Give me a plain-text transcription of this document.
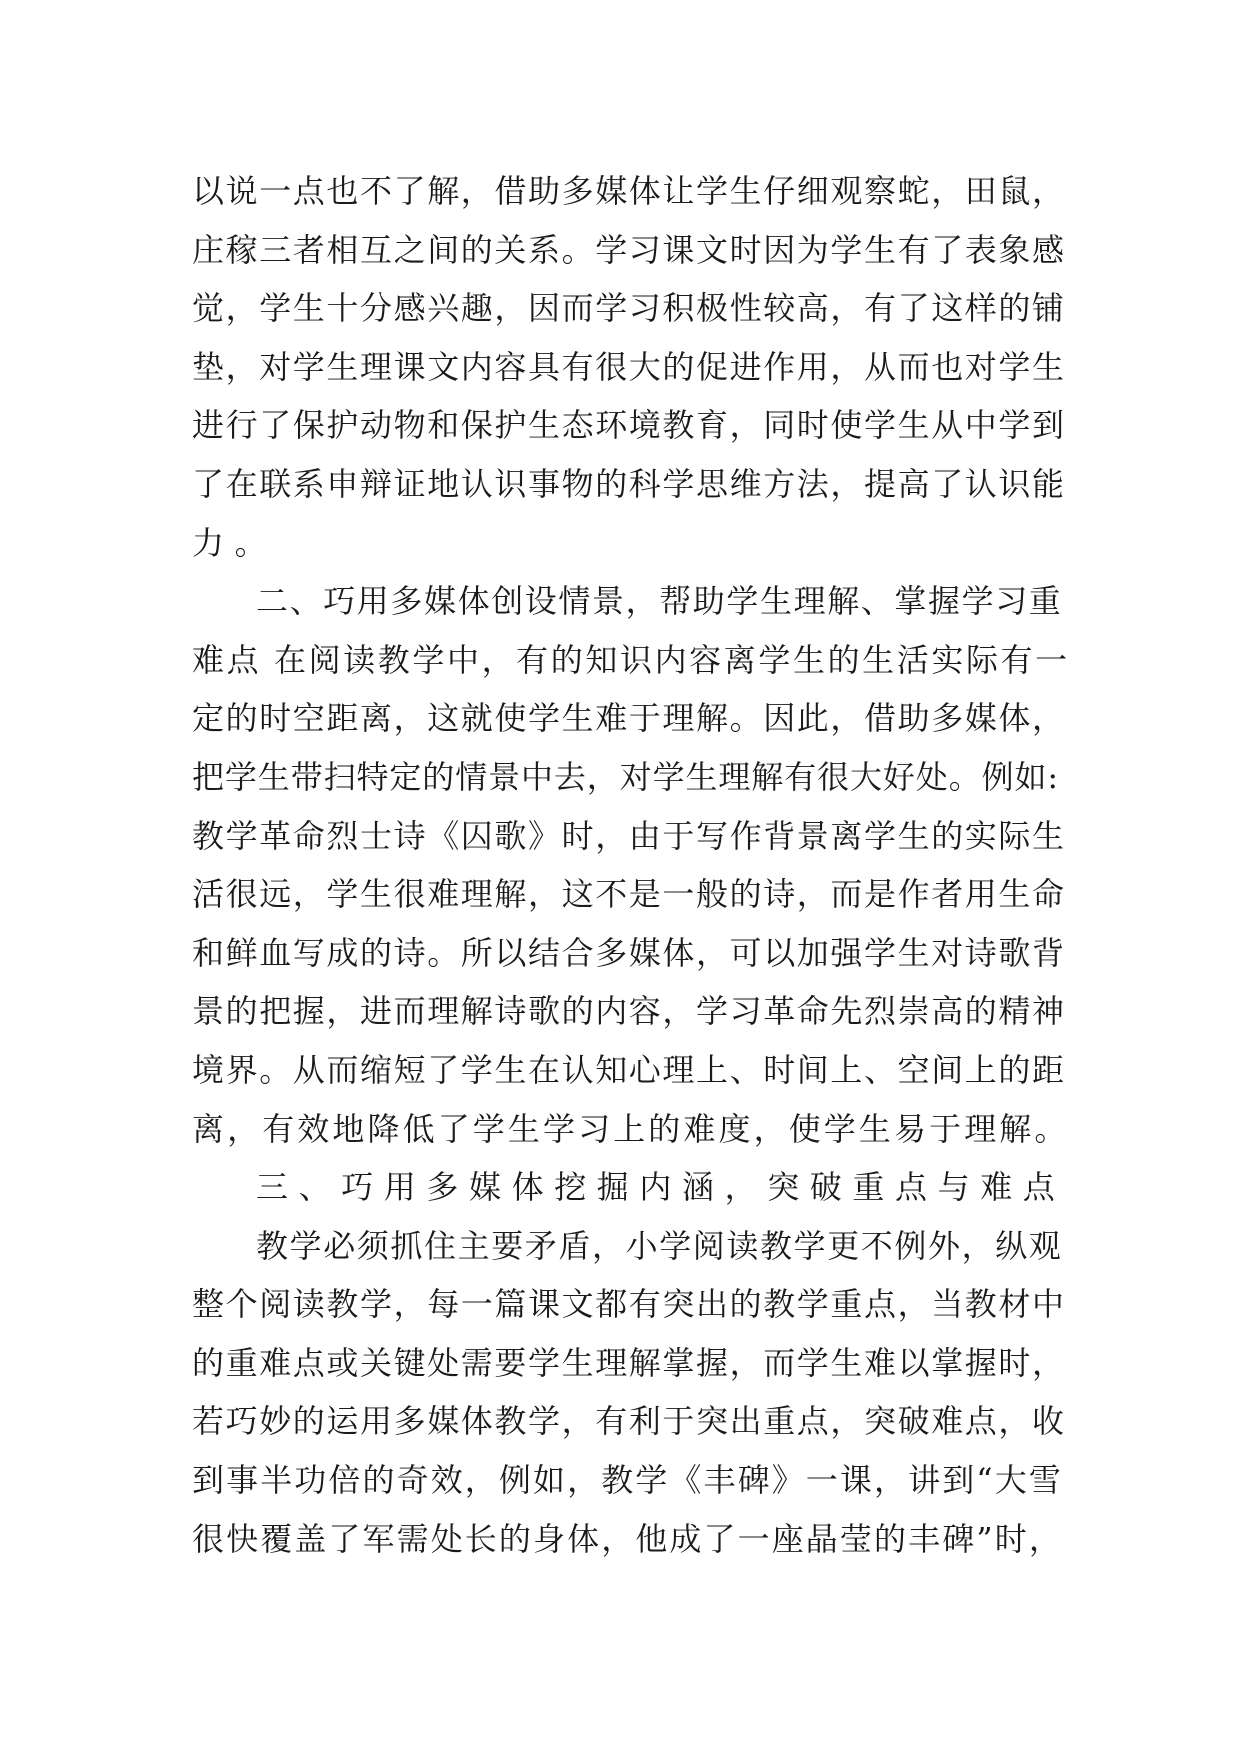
以说一点也不了解，借助多媒体让学生仔细观察蛇，田鼠，
庄稼三者相互之间的关系。学习课文时因为学生有了表象感
觉，学生十分感兴趣，因而学习积极性较高，有了这样的铺
垫，对学生理课文内容具有很大的促进作用，从而也对学生
进行了保护动物和保护生态环境教育，同时使学生从中学到
了在联系申辩证地认识事物的科学思维方法，提高了认识能
力。
二、巧用多媒体创设情景，帮助学生理解、掌握学习重
难点 在阅读教学中，有的知识内容离学生的生活实际有一
定的时空距离，这就使学生难于理解。因此，借助多媒体，
把学生带扫特定的情景中去，对学生理解有很大好处。例如:
教学革命烈士诗《囚歌》时，由于写作背景离学生的实际生
活很远，学生很难理解，这不是一般的诗，而是作者用生命
和鲜血写成的诗。所以结合多媒体，可以加强学生对诗歌背
景的把握，进而理解诗歌的内容，学习革命先烈崇高的精神
境界。从而缩短了学生在认知心理上、时间上、空间上的距
离，有效地降低了学生学习上的难度，使学生易于理解。
三、巧用多媒体挖掘内涵，突破重点与难点
教学必须抓住主要矛盾，小学阅读教学更不例外，纵观
整个阅读教学，每一篇课文都有突出的教学重点，当教材中
的重难点或关键处需要学生理解掌握，而学生难以掌握时，
若巧妙的运用多媒体教学，有利于突出重点，突破难点，收
到事半功倍的奇效，例如，教学《丰碑》一课，讲到“大雪
很快覆盖了军需处长的身体，他成了一座晶莹的丰碑”时，
